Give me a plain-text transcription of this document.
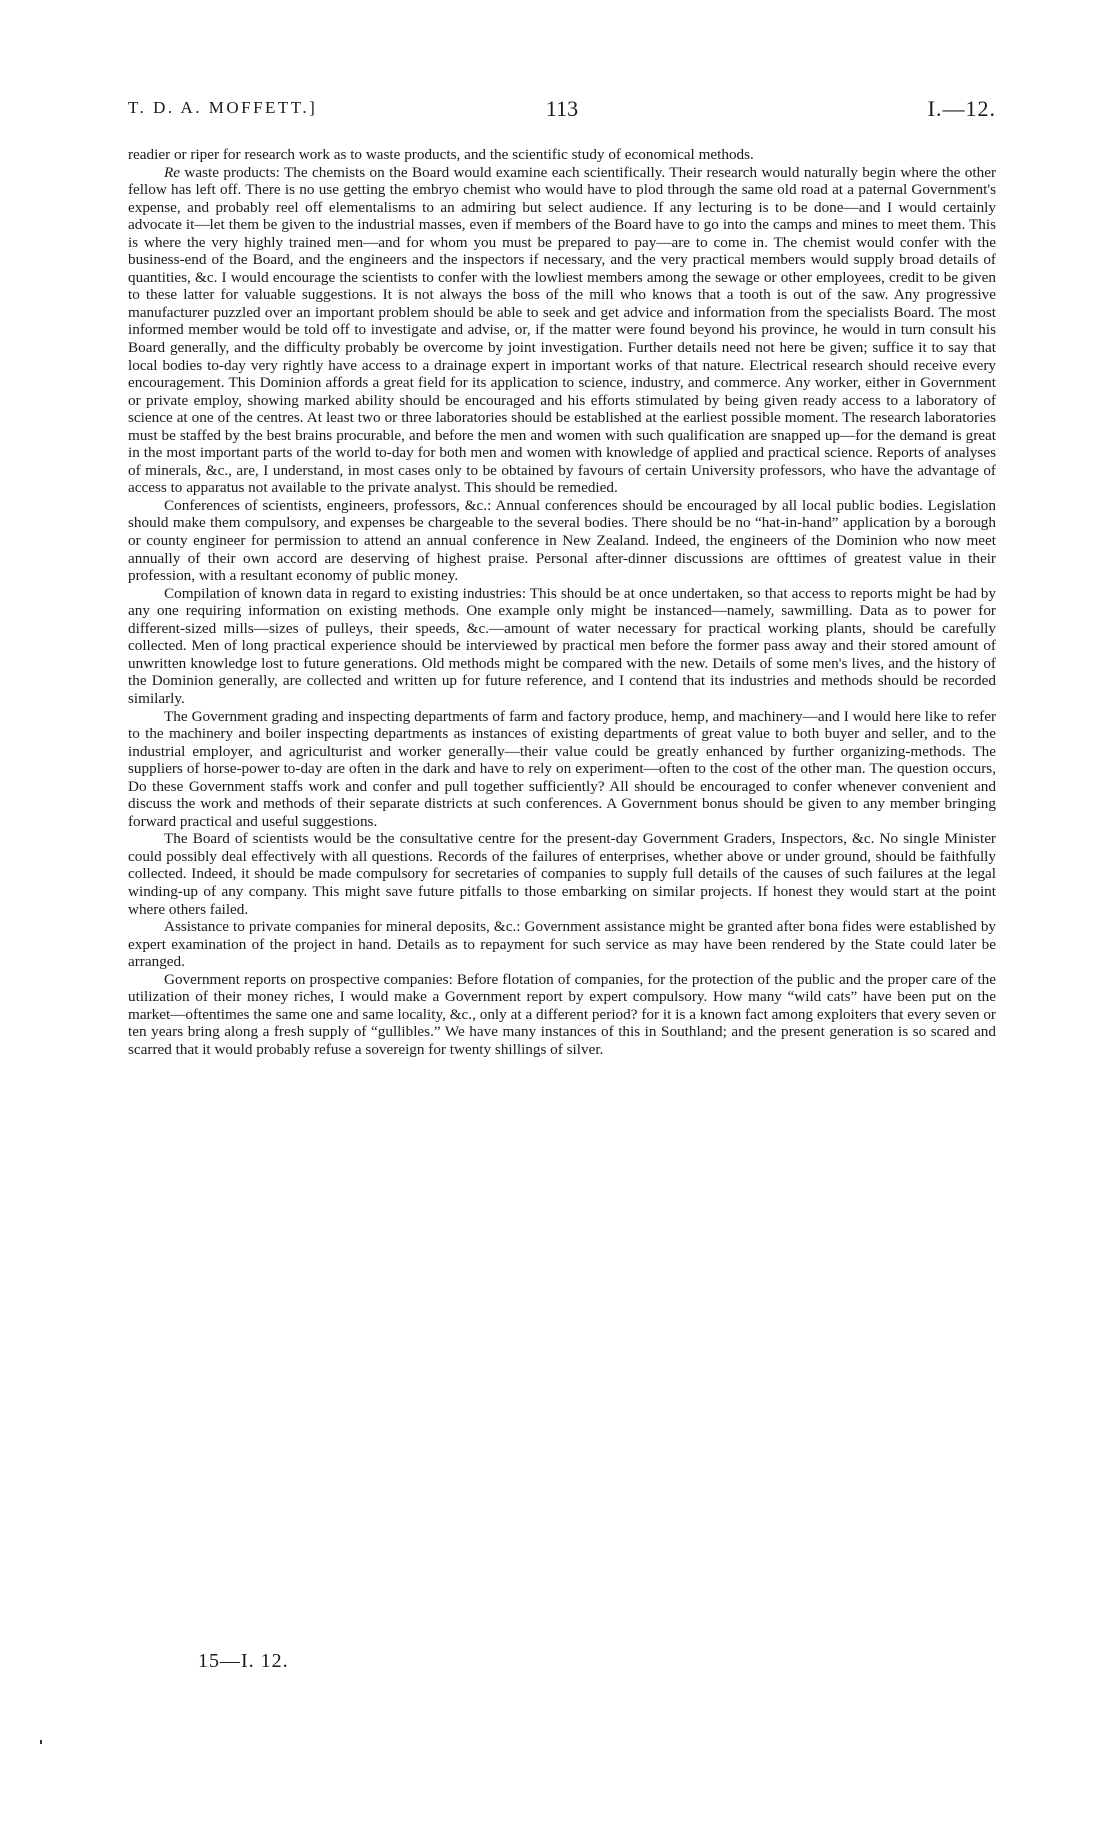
T. D. A. MOFFETT.]	113	I.—12.

readier or riper for research work as to waste products, and the scientific study of economical methods.

Re waste products: The chemists on the Board would examine each scientifically. Their research would naturally begin where the other fellow has left off. There is no use getting the embryo chemist who would have to plod through the same old road at a paternal Government's expense, and probably reel off elementalisms to an admiring but select audience. If any lecturing is to be done—and I would certainly advocate it—let them be given to the industrial masses, even if members of the Board have to go into the camps and mines to meet them. This is where the very highly trained men—and for whom you must be prepared to pay—are to come in. The chemist would confer with the business-end of the Board, and the engineers and the inspectors if necessary, and the very practical members would supply broad details of quantities, &c. I would encourage the scientists to confer with the lowliest members among the sewage or other employees, credit to be given to these latter for valuable suggestions. It is not always the boss of the mill who knows that a tooth is out of the saw. Any progressive manufacturer puzzled over an important problem should be able to seek and get advice and information from the specialists Board. The most informed member would be told off to investigate and advise, or, if the matter were found beyond his province, he would in turn consult his Board generally, and the difficulty probably be overcome by joint investigation. Further details need not here be given; suffice it to say that local bodies to-day very rightly have access to a drainage expert in important works of that nature. Electrical research should receive every encouragement. This Dominion affords a great field for its application to science, industry, and commerce. Any worker, either in Government or private employ, showing marked ability should be encouraged and his efforts stimulated by being given ready access to a laboratory of science at one of the centres. At least two or three laboratories should be established at the earliest possible moment. The research laboratories must be staffed by the best brains procurable, and before the men and women with such qualification are snapped up—for the demand is great in the most important parts of the world to-day for both men and women with knowledge of applied and practical science. Reports of analyses of minerals, &c., are, I understand, in most cases only to be obtained by favours of certain University professors, who have the advantage of access to apparatus not available to the private analyst. This should be remedied.

Conferences of scientists, engineers, professors, &c.: Annual conferences should be encouraged by all local public bodies. Legislation should make them compulsory, and expenses be chargeable to the several bodies. There should be no “hat-in-hand” application by a borough or county engineer for permission to attend an annual conference in New Zealand. Indeed, the engineers of the Dominion who now meet annually of their own accord are deserving of highest praise. Personal after-dinner discussions are ofttimes of greatest value in their profession, with a resultant economy of public money.

Compilation of known data in regard to existing industries: This should be at once undertaken, so that access to reports might be had by any one requiring information on existing methods. One example only might be instanced—namely, sawmilling. Data as to power for different-sized mills—sizes of pulleys, their speeds, &c.—amount of water necessary for practical working plants, should be carefully collected. Men of long practical experience should be interviewed by practical men before the former pass away and their stored amount of unwritten knowledge lost to future generations. Old methods might be compared with the new. Details of some men's lives, and the history of the Dominion generally, are collected and written up for future reference, and I contend that its industries and methods should be recorded similarly.

The Government grading and inspecting departments of farm and factory produce, hemp, and machinery—and I would here like to refer to the machinery and boiler inspecting departments as instances of existing departments of great value to both buyer and seller, and to the industrial employer, and agriculturist and worker generally—their value could be greatly enhanced by further organizing-methods. The suppliers of horse-power to-day are often in the dark and have to rely on experiment—often to the cost of the other man. The question occurs, Do these Government staffs work and confer and pull together sufficiently? All should be encouraged to confer whenever convenient and discuss the work and methods of their separate districts at such conferences. A Government bonus should be given to any member bringing forward practical and useful suggestions.

The Board of scientists would be the consultative centre for the present-day Government Graders, Inspectors, &c. No single Minister could possibly deal effectively with all questions. Records of the failures of enterprises, whether above or under ground, should be faithfully collected. Indeed, it should be made compulsory for secretaries of companies to supply full details of the causes of such failures at the legal winding-up of any company. This might save future pitfalls to those embarking on similar projects. If honest they would start at the point where others failed.

Assistance to private companies for mineral deposits, &c.: Government assistance might be granted after bona fides were established by expert examination of the project in hand. Details as to repayment for such service as may have been rendered by the State could later be arranged.

Government reports on prospective companies: Before flotation of companies, for the protection of the public and the proper care of the utilization of their money riches, I would make a Government report by expert compulsory. How many “wild cats” have been put on the market—oftentimes the same one and same locality, &c., only at a different period? for it is a known fact among exploiters that every seven or ten years bring along a fresh supply of “gullibles.” We have many instances of this in Southland; and the present generation is so scared and scarred that it would probably refuse a sovereign for twenty shillings of silver.

15—I. 12.
